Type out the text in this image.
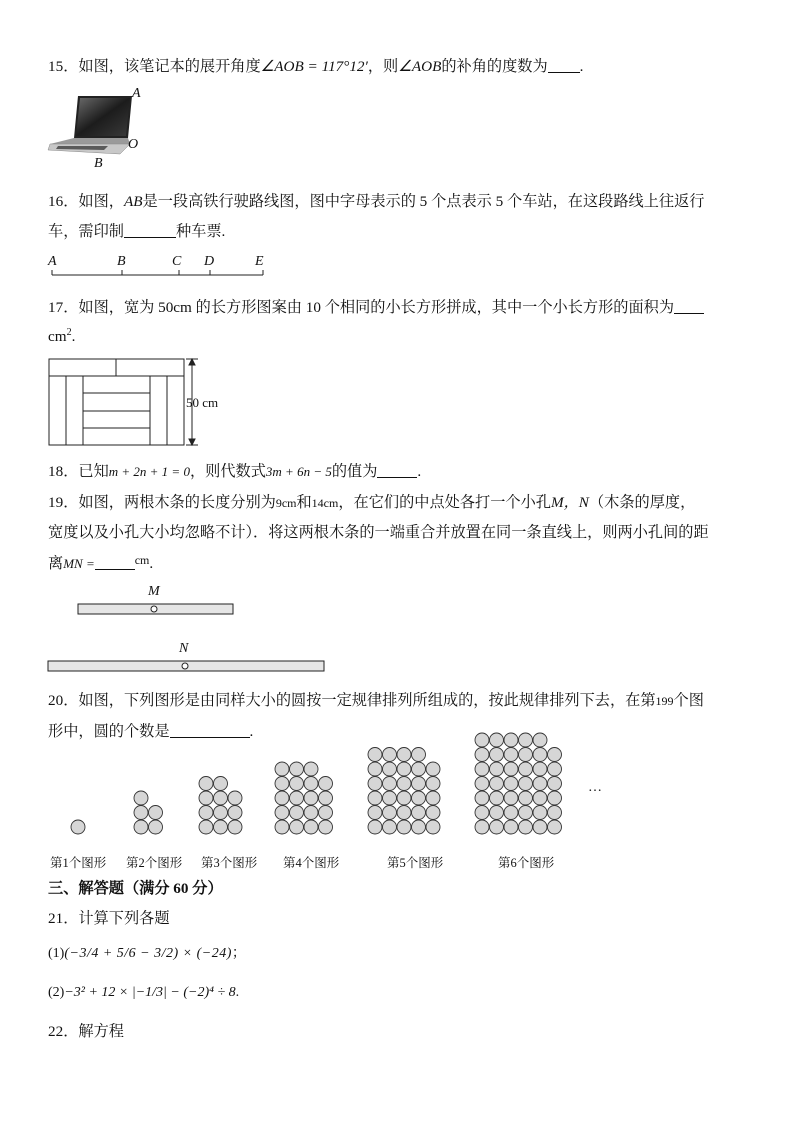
15．如图，该笔记本的展开角度∠AOB = 117°12′，则∠AOB的补角的度数为 .
A
O
B
16．如图，AB是一段高铁行驶路线图，图中字母表示的 5 个点表示 5 个车站，在这段路线上往返行
车，需印制	种车票.
A	B	C D	E
17．如图，宽为 50cm 的长方形图案由 10 个相同的小长方形拼成，其中一个小长方形的面积为
$cm^2$.
50 cm
18．已知m + 2n + 1 = 0，则代数式3m + 6n − 5的值为	.
19．如图，两根木条的长度分别为9cm和14cm，在它们的中点处各打一个小孔M，N（木条的厚度，
宽度以及小孔大小均忽略不计）．将这两根木条的一端重合并放置在同一条直线上，则两小孔间的距
离MN =	$^{cm}$.
M
N
20．如图，下列图形是由同样大小的圆按一定规律排列所组成的，按此规律排列下去，在第199个图
形中，圆的个数是	.
…
第1个图形 第2个图形 第3个图形 第4个图形	第5个图形	第6个图形
三、解答题（满分 60 分）
21．计算下列各题
(1)(−3/4 + 5/6 − 3/2) × (−24)；
(2)−3² + 12 × |−1/3| − (−2)⁴ ÷ 8.
22．解方程
